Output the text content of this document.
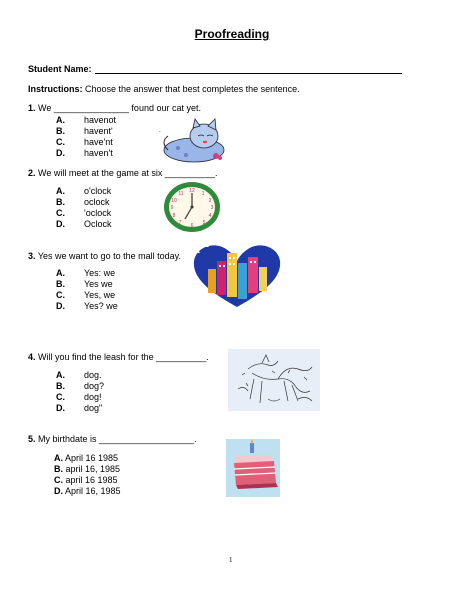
Proofreading
Student Name:
Instructions: Choose the answer that best completes the sentence.
1. We _______________ found our cat yet.
A. havenot
B. havent'
C. have'nt
D. haven't
.
2. We will meet at the game at six __________.
A. o'clock
B. oclock
C. 'oclock
D. Oclock
12 1
2
3
4
5
6
7
8
9
10
11
3. Yes we want to go to the mall today.
A. Yes: we
B. Yes we
C. Yes, we
D. Yes? we
4. Will you find the leash for the __________.
A. dog.
B. dog?
C. dog!
D. dog"
5. My birthdate is ___________________.
A. April 16 1985
B. april 16, 1985
C. april 16 1985
D. April 16, 1985
1
